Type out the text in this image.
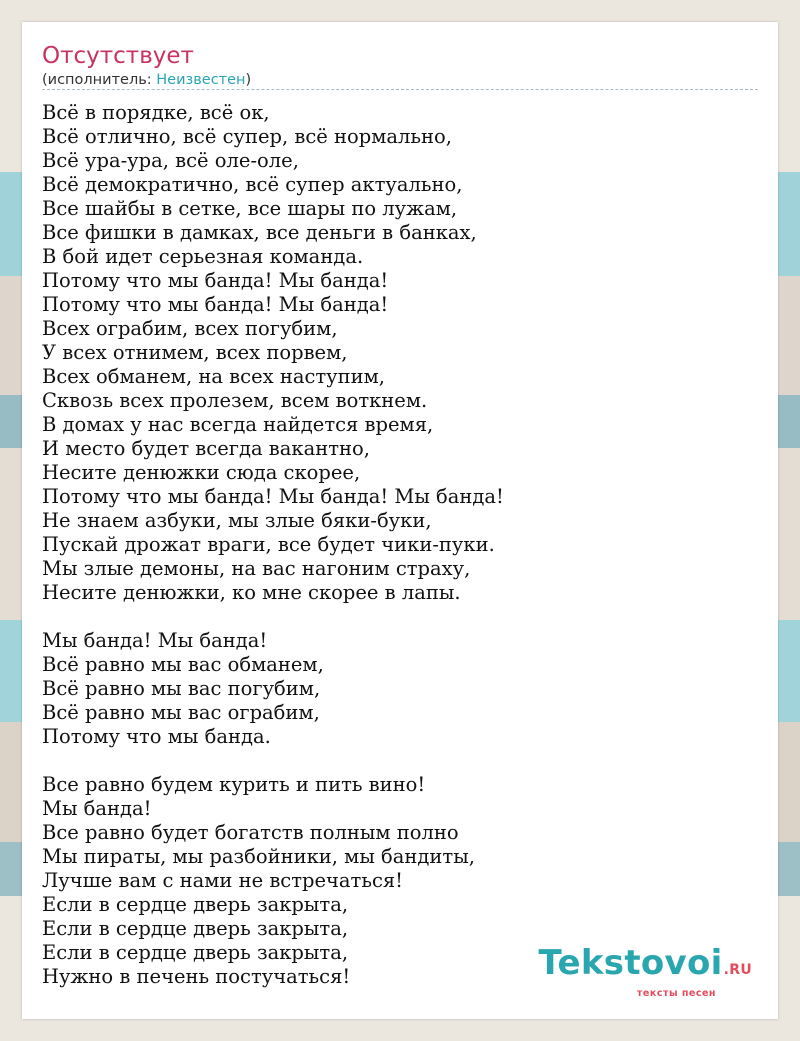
Отсутствует
(исполнитель: Неизвестен)
Всё в порядке, всё ок,
Всё отлично, всё супер, всё нормально,
Всё ура-ура, всё оле-оле,
Всё демократично, всё супер актуально,
Все шайбы в сетке, все шары по лужам,
Все фишки в дамках, все деньги в банках,
В бой идет серьезная команда.
Потому что мы банда! Мы банда!
Потому что мы банда! Мы банда!
Всех ограбим, всех погубим,
У всех отнимем, всех порвем,
Всех обманем, на всех наступим,
Сквозь всех пролезем, всем воткнем.
В домах у нас всегда найдется время,
И место будет всегда вакантно,
Несите денюжки сюда скорее,
Потому что мы банда! Мы банда! Мы банда!
Не знаем азбуки, мы злые бяки-буки,
Пускай дрожат враги, все будет чики-пуки.
Мы злые демоны, на вас нагоним страху,
Несите денюжки, ко мне скорее в лапы.
Мы банда! Мы банда!
Всё равно мы вас обманем,
Всё равно мы вас погубим,
Всё равно мы вас ограбим,
Потому что мы банда.
Все равно будем курить и пить вино!
Мы банда!
Все равно будет богатств полным полно
Мы пираты, мы разбойники, мы бандиты,
Лучше вам с нами не встречаться!
Если в сердце дверь закрыта,
Если в сердце дверь закрыта,
Если в сердце дверь закрыта,
Нужно в печень постучаться!	Tekstovoi.RU
тексты песен
